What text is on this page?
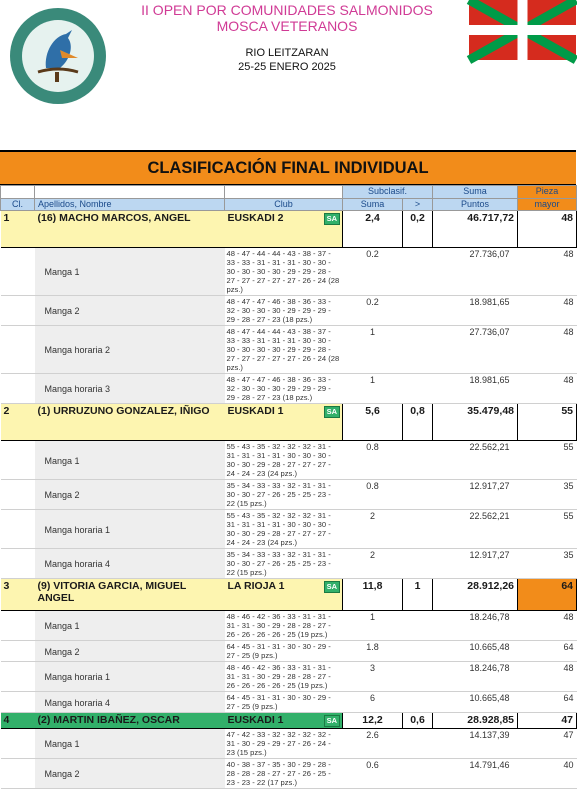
II OPEN POR COMUNIDADES SALMONIDOS
MOSCA VETERANOS
RIO LEITZARAN
25-25 ENERO 2025
CLASIFICACIÓN FINAL INDIVIDUAL
			Subclasif.		Suma	Pieza
Cl.	Apellidos, Nombre	Club	Suma	>	Puntos	mayor
1	(16) MACHO MARCOS, ANGEL	EUSKADI 2 SA	2,4	0,2	46.717,72	48
	Manga 1	48 - 47 - 44 - 44 - 43 - 38 - 37 - 33 - 33 - 31 - 31 - 31 - 30 - 30 - 30 - 30 - 30 - 30 - 29 - 29 - 28 - 27 - 27 - 27 - 27 - 27 - 26 - 24 (28 pzs.)	0.2		27.736,07	48
	Manga 2	48 - 47 - 47 - 46 - 38 - 36 - 33 - 32 - 30 - 30 - 30 - 29 - 29 - 29 - 29 - 28 - 27 - 23 (18 pzs.)	0.2		18.981,65	48
	Manga horaria 2	48 - 47 - 44 - 44 - 43 - 38 - 37 - 33 - 33 - 31 - 31 - 31 - 30 - 30 - 30 - 30 - 30 - 30 - 29 - 29 - 28 - 27 - 27 - 27 - 27 - 27 - 26 - 24 (28 pzs.)	1		27.736,07	48
	Manga horaria 3	48 - 47 - 47 - 46 - 38 - 36 - 33 - 32 - 30 - 30 - 30 - 29 - 29 - 29 - 29 - 28 - 27 - 23 (18 pzs.)	1		18.981,65	48
2	(1) URRUZUNO GONZALEZ, IÑIGO	EUSKADI 1 SA	5,6	0,8	35.479,48	55
	Manga 1	55 - 43 - 35 - 32 - 32 - 32 - 31 - 31 - 31 - 31 - 31 - 30 - 30 - 30 - 30 - 30 - 29 - 28 - 27 - 27 - 27 - 24 - 24 - 23 (24 pzs.)	0.8		22.562,21	55
	Manga 2	35 - 34 - 33 - 33 - 32 - 31 - 31 - 30 - 30 - 27 - 26 - 25 - 25 - 23 - 22 (15 pzs.)	0.8		12.917,27	35
	Manga horaria 1	55 - 43 - 35 - 32 - 32 - 32 - 31 - 31 - 31 - 31 - 31 - 30 - 30 - 30 - 30 - 30 - 29 - 28 - 27 - 27 - 27 - 24 - 24 - 23 (24 pzs.)	2		22.562,21	55
	Manga horaria 4	35 - 34 - 33 - 33 - 32 - 31 - 31 - 30 - 30 - 27 - 26 - 25 - 25 - 23 - 22 (15 pzs.)	2		12.917,27	35
3	(9) VITORIA GARCIA, MIGUEL ANGEL	LA RIOJA 1 SA	11,8	1	28.912,26	64
	Manga 1	48 - 46 - 42 - 36 - 33 - 31 - 31 - 31 - 31 - 30 - 29 - 28 - 28 - 27 - 26 - 26 - 26 - 26 - 25 (19 pzs.)	1		18.246,78	48
	Manga 2	64 - 45 - 31 - 31 - 30 - 30 - 29 - 27 - 25 (9 pzs.)	1.8		10.665,48	64
	Manga horaria 1	48 - 46 - 42 - 36 - 33 - 31 - 31 - 31 - 31 - 30 - 29 - 28 - 28 - 27 - 26 - 26 - 26 - 26 - 25 (19 pzs.)	3		18.246,78	48
	Manga horaria 4	64 - 45 - 31 - 31 - 30 - 30 - 29 - 27 - 25 (9 pzs.)	6		10.665,48	64
4	(2) MARTIN IBAÑEZ, OSCAR	EUSKADI 1 SA	12,2	0,6	28.928,85	47
	Manga 1	47 - 42 - 33 - 32 - 32 - 32 - 32 - 31 - 30 - 29 - 29 - 27 - 26 - 24 - 23 (15 pzs.)	2.6		14.137,39	47
	Manga 2	40 - 38 - 37 - 35 - 30 - 29 - 28 - 28 - 28 - 28 - 27 - 27 - 26 - 25 - 23 - 23 - 22 (17 pzs.)	0.6		14.791,46	40
